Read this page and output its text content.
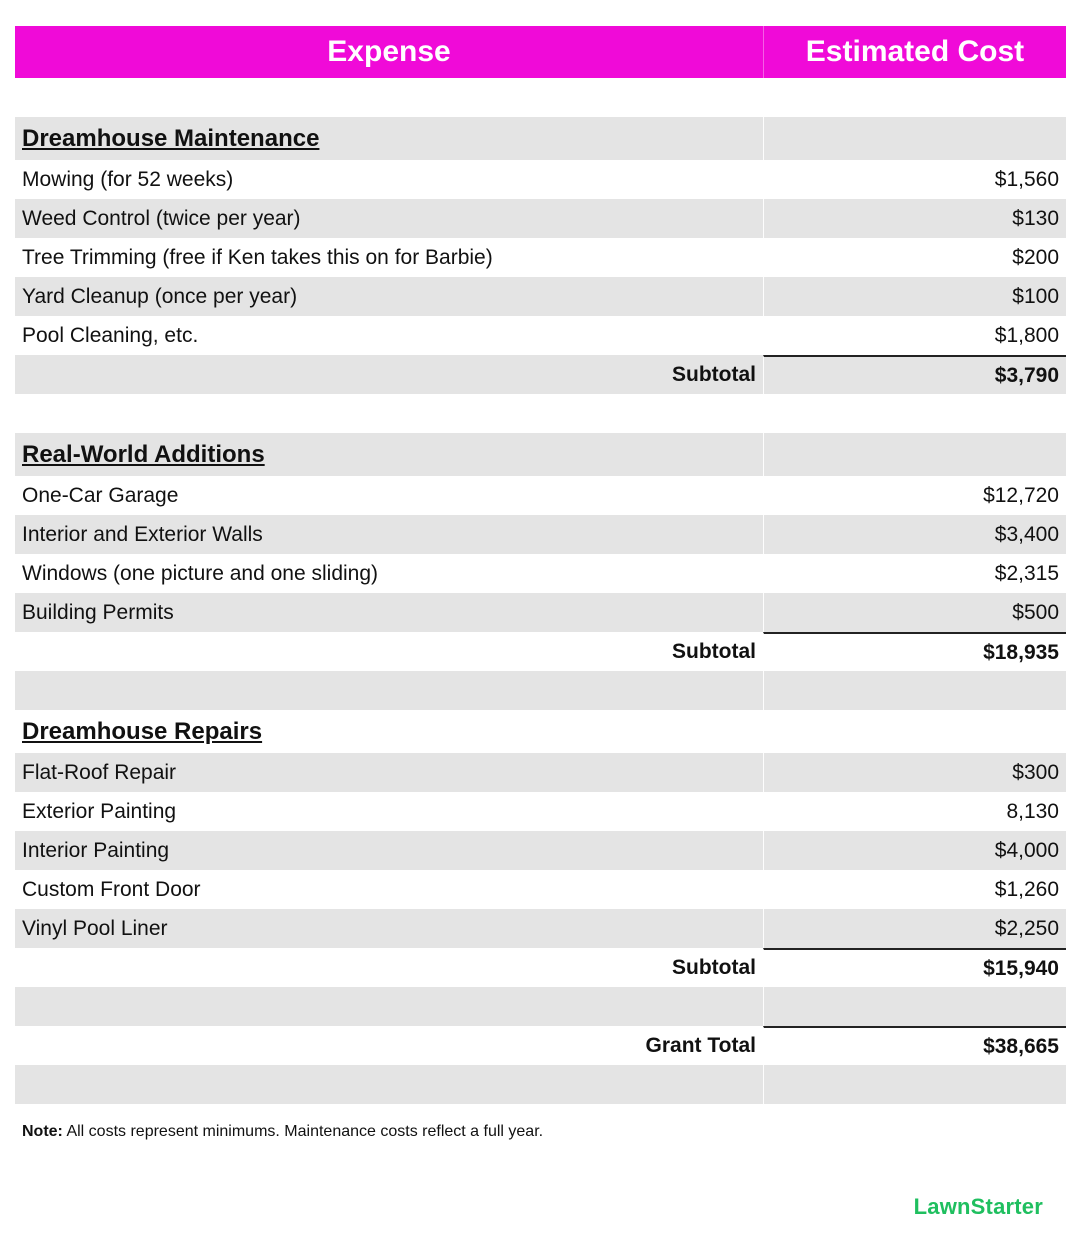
Expense	Estimated Cost
Dreamhouse Maintenance
Mowing (for 52 weeks)	$1,560
Weed Control (twice per year)	$130
Tree Trimming (free if Ken takes this on for Barbie)	$200
Yard Cleanup (once per year)	$100
Pool Cleaning, etc.	$1,800
Subtotal	$3,790
Real-World Additions
One-Car Garage	$12,720
Interior and Exterior Walls	$3,400
Windows (one picture and one sliding)	$2,315
Building Permits	$500
Subtotal	$18,935
Dreamhouse Repairs
Flat-Roof Repair	$300
Exterior Painting	8,130
Interior Painting	$4,000
Custom Front Door	$1,260
Vinyl Pool Liner	$2,250
Subtotal	$15,940
Grant Total	$38,665
Note: All costs represent minimums. Maintenance costs reflect a full year.
LawnStarter
